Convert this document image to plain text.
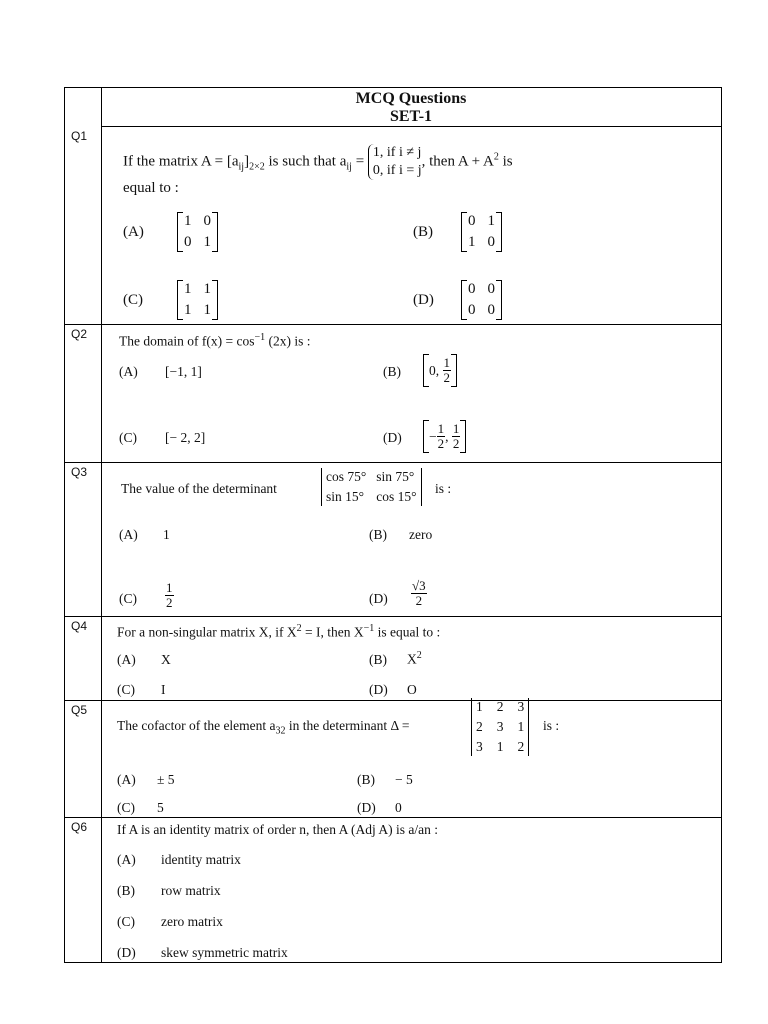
MCQ Questions
SET-1
Q1
If the matrix $A = [a_{ij}]_{2\times 2}$ is such that $a_{ij} = 1$, if i ≠ j
0, if i = j, then $A + A^2$ is
equal to :
(A)
1 0
0 1
(B)
0 1
1 0
(C)
1 1
1 1
(D)
0 0
0 0
Q2 The domain of $f(x) = \cos^{-1} (2x)$ is :
(A) [−1, 1]	(B) 0,
$\frac{1}{2}$
(C) [− 2, 2]	$(D) - \frac{1}{2}$ ,
$\frac{1}{2}$
Q3
The value of the determinant
cos 75° sin 75°
sin 15° cos 15°
is :
(A) 1	(B) zero
$(C) \frac{1}{2}$	$(D) \frac{√3}{2}$
Q4 For a non-singular matrix X, if $X^2 = I$, then $X^{-1}$ is equal to :
(A) X	(B) $X^2$
(C) I	(D) O
Q5
The cofactor of the element $a_{32}$ in the determinant Δ =
1 2 3
2 3 1
3 1 2
is :
(A) ± 5	(B) − 5
(C) 5	(D) 0
Q6 If A is an identity matrix of order n, then A (Adj A) is a/an :
(A) identity matrix
(B) row matrix
(C) zero matrix
(D) skew symmetric matrix
